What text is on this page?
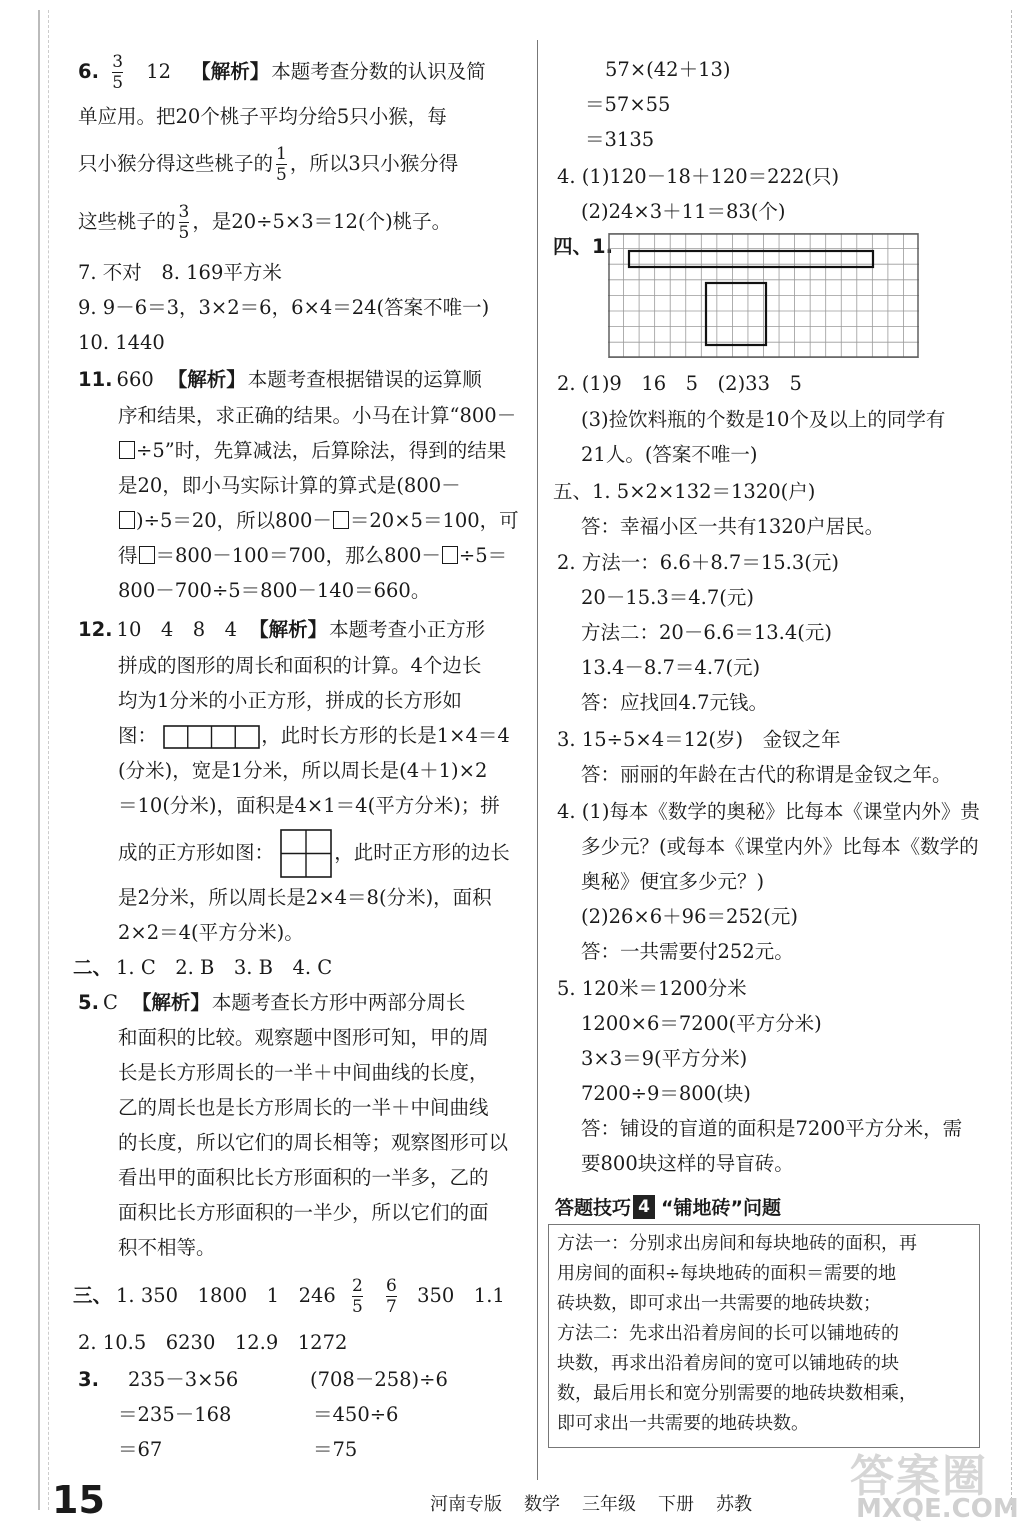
6. $\frac{3}{5} 12$ 【解析】 本题考查分数的认识及简
单应用。把20个桃子平均分给5只小猴，每
只小猴分得这些桃子的 $\frac{1}{5}$ ，所以3只小猴分得
这些桃子的 $\frac{3}{5}$ ，是20÷5×3＝12(个)桃子。
7. 不对　 8. 169平方米
9. 9－6＝3，3×2＝6，6×4＝24(答案不唯一)
10. 1440
11. 660 【解析】 本题考查根据错误的运算顺
序和结果，求正确的结果。小马在计算“800－
÷5”时，先算减法，后算除法，得到的结果
是20，即小马实际计算的算式是(800－
)÷5＝20，所以800－ ＝20×5＝100，可
得 ＝800－100＝700，那么800－ ÷5＝
800－700÷5＝800－140＝660。
12. 10　4　8　4 【解析】 本题考查小正方形
拼成的图形的周长和面积的计算。4个边长
均为1分米的小正方形，拼成的长方形如
图：	，此时长方形的长是1×4＝4
(分米)，宽是1分米，所以周长是(4＋1)×2
＝10(分米)，面积是4×1＝4(平方分米)；拼
成的正方形如图：	，此时正方形的边长
是2分米，所以周长是2×4＝8(分米)，面积
2×2＝4(平方分米)。
二、 1. C　2. B　3. B　4. C
5. C 【解析】 本题考查长方形中两部分周长
和面积的比较。观察题中图形可知，甲的周
长是长方形周长的一半＋中间曲线的长度，
乙的周长也是长方形周长的一半＋中间曲线
的长度，所以它们的周长相等；观察图形可以
看出甲的面积比长方形面积的一半多，乙的
面积比长方形面积的一半少，所以它们的面
积不相等。
三、 1. 350　1800　1　$246 \frac{2}{5}$
$\frac{6}{7} 350$　1.1
2. 10.5　6230　12.9　1272
3. 235－3×56
＝235－168
＝67
(708－258)÷6
＝450÷6
＝75
57×(42＋13)
＝57×55
＝3135
4. (1)120－18＋120＝222(只)
(2)24×3＋11＝83(个)
四、1.
2. (1)9　16　5　(2)33　5
(3)捡饮料瓶的个数是10个及以上的同学有
21人。(答案不唯一)
五、1. 5×2×132＝1320(户)
答：幸福小区一共有1320户居民。
2. 方法一：6.6＋8.7＝15.3(元)
20－15.3＝4.7(元)
方法二：20－6.6＝13.4(元)
13.4－8.7＝4.7(元)
答：应找回4.7元钱。
3. 15÷5×4＝12(岁)　金钗之年
答：丽丽的年龄在古代的称谓是金钗之年。
4. (1)每本《数学的奥秘》比每本《课堂内外》贵
多少元？(或每本《课堂内外》比每本《数学的
奥秘》便宜多少元？)
(2)26×6＋96＝252(元)
答：一共需要付252元。
5. 120米＝1200分米
1200×6＝7200(平方分米)
3×3＝9(平方分米)
7200÷9＝800(块)
答：铺设的盲道的面积是7200平方分米，需
要800块这样的导盲砖。
答题技巧 4 “铺地砖”问题
方法一：分别求出房间和每块地砖的面积，再
用房间的面积÷每块地砖的面积＝需要的地
砖块数，即可求出一共需要的地砖块数；
方法二：先求出沿着房间的长可以铺地砖的
块数，再求出沿着房间的宽可以铺地砖的块
数，最后用长和宽分别需要的地砖块数相乘，
即可求出一共需要的地砖块数。
15	河南专版 数学 三年级 下册 苏教
答案圈
MXQE.COM
